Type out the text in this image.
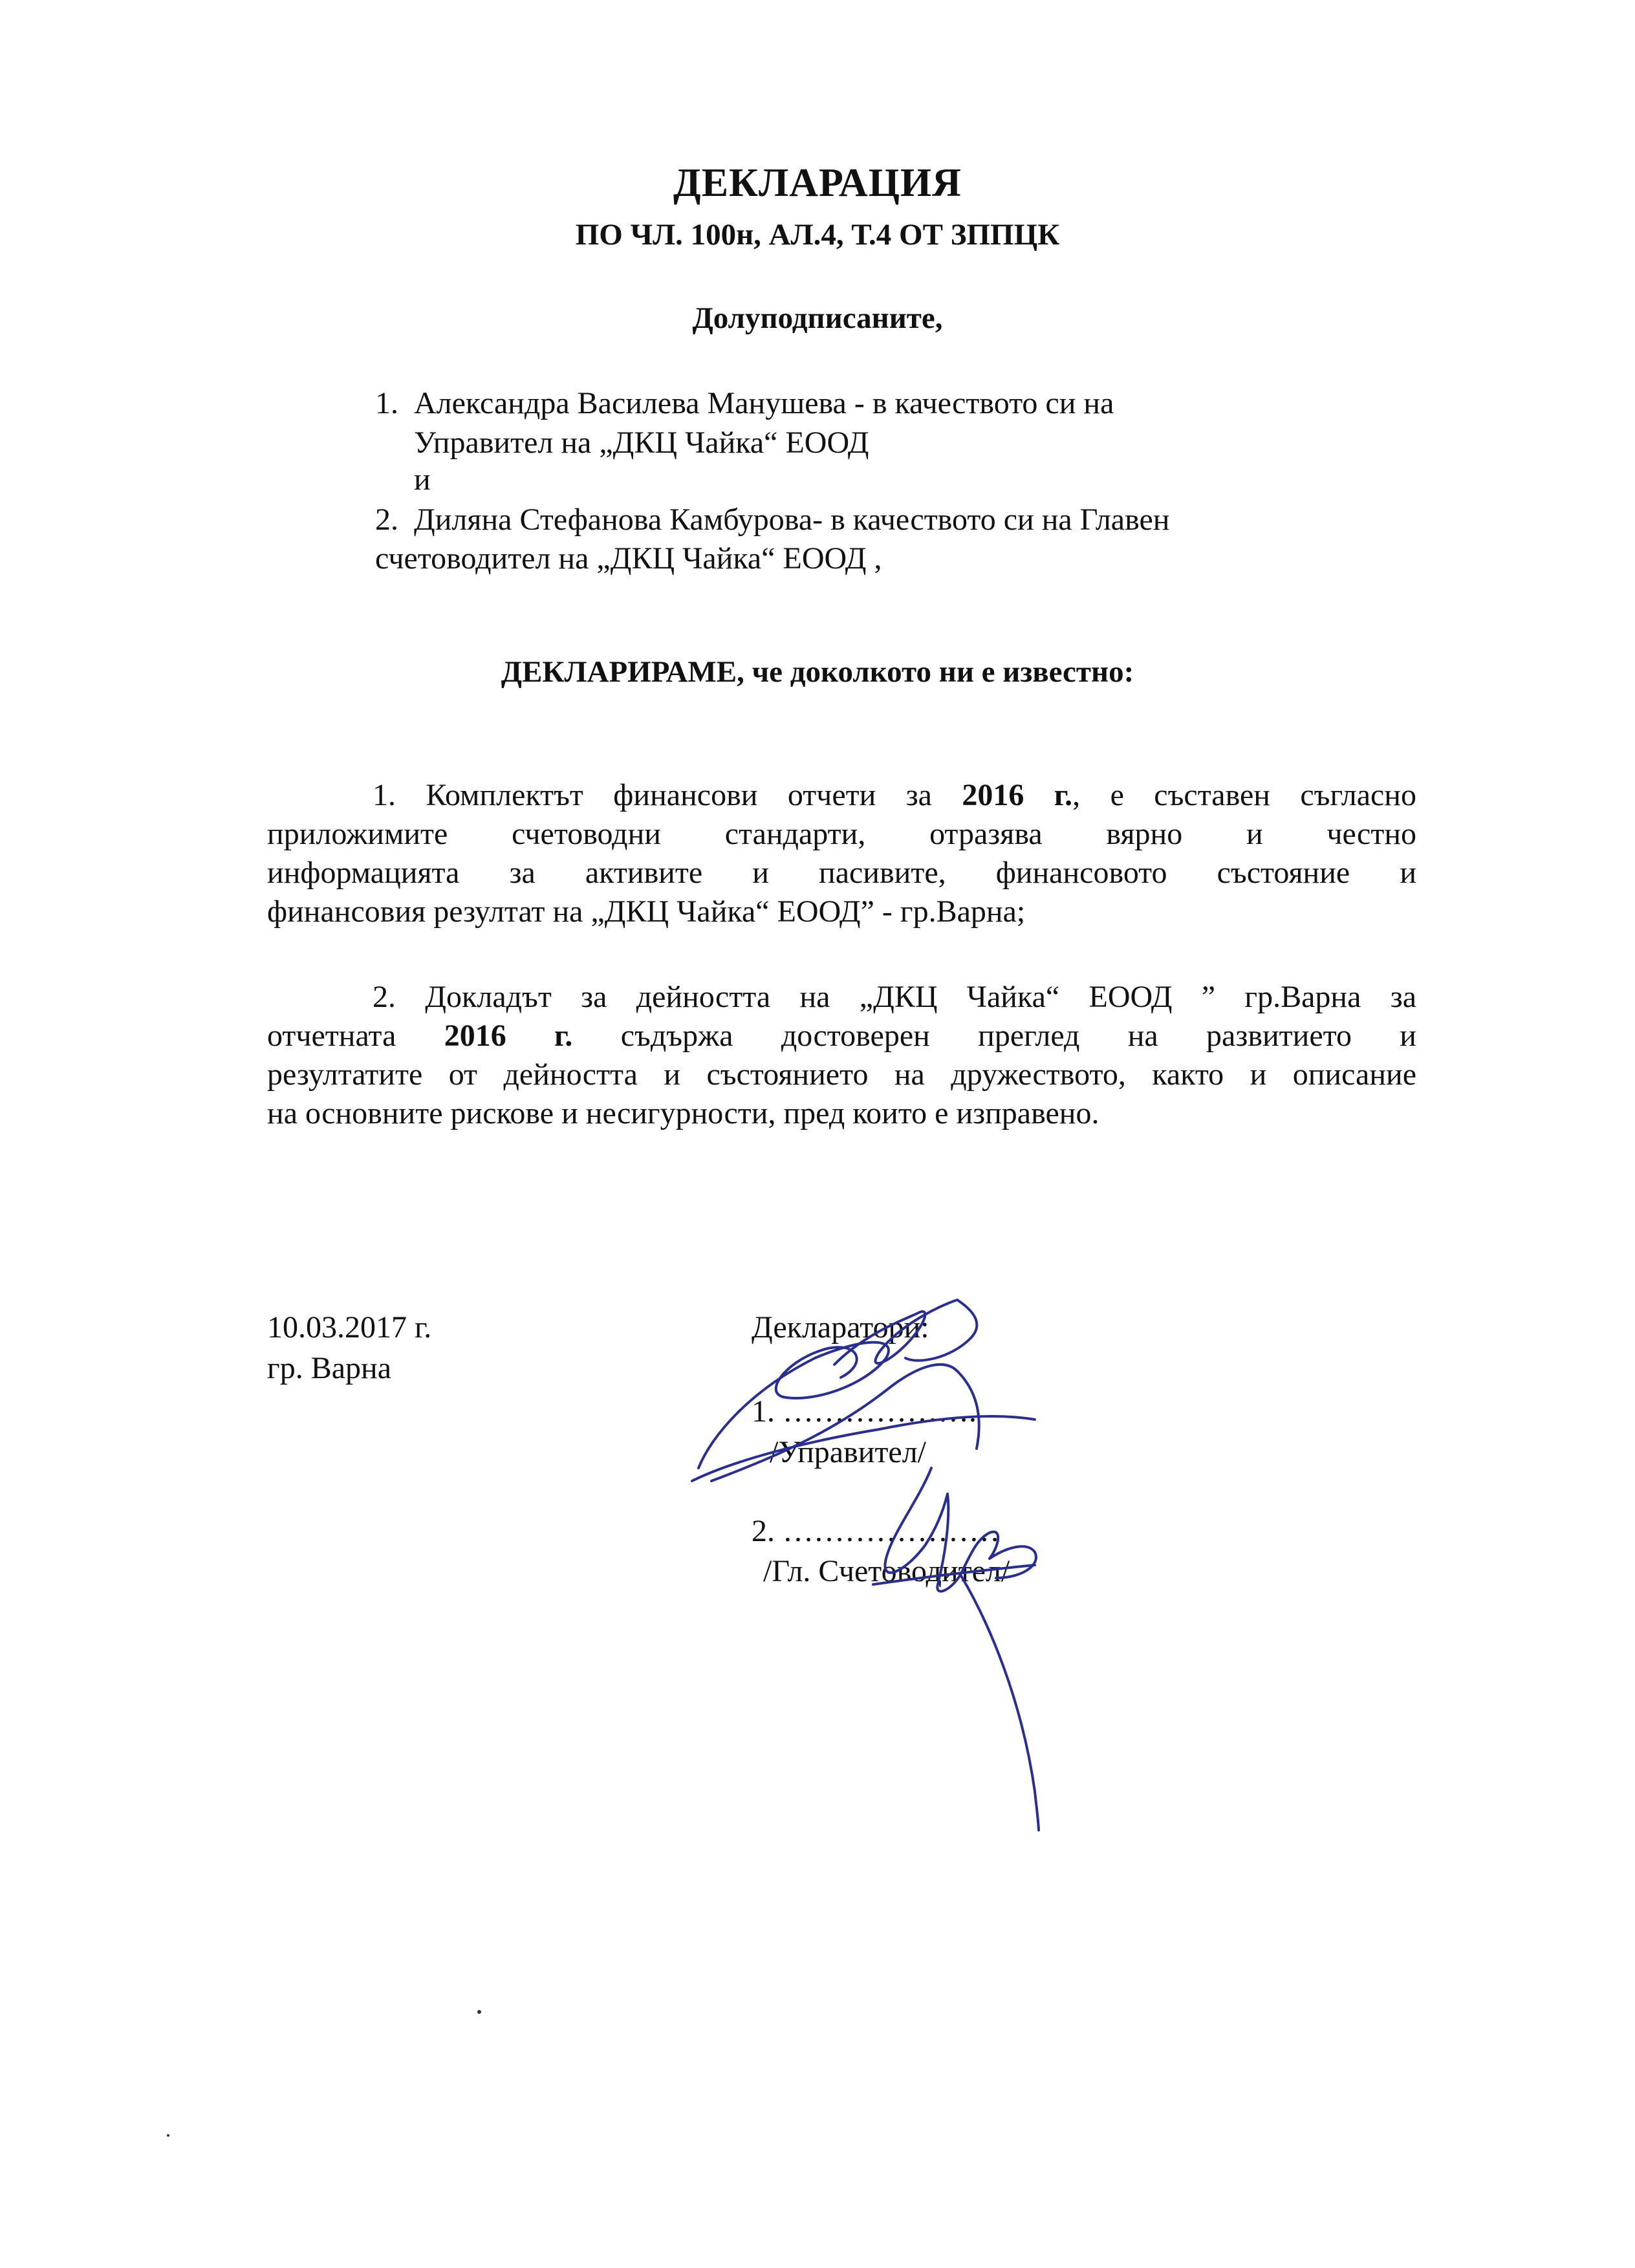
ДЕКЛАРАЦИЯ
ПО ЧЛ. 100н, АЛ.4, Т.4 ОТ ЗППЦК
Долуподписаните,
1. Александра Василева Манушева - в качеството си на
Управител на „ДКЦ Чайка“ ЕООД
и
2. Диляна Стефанова Камбурова- в качеството си на Главен
счетоводител на „ДКЦ Чайка“ ЕООД ,
ДЕКЛАРИРАМЕ, че доколкото ни е известно:
1. Комплектът финансови отчети за 2016 г., е съставен съгласно
приложимите счетоводни стандарти, отразява вярно и честно
информацията за активите и пасивите, финансовото състояние и
финансовия резултат на „ДКЦ Чайка“ ЕООД” - гр.Варна;
2. Докладът за дейността на „ДКЦ Чайка“ ЕООД ” гр.Варна за
отчетната 2016 г. съдържа достоверен преглед на развитието и
резултатите от дейността и състоянието на дружеството, както и описание
на основните рискове и несигурности, пред които е изправено.
10.03.2017 г.
гр. Варна
Декларатори:
1. ……………….
/Управител/
2. …………………
/Гл. Счетоводител/
